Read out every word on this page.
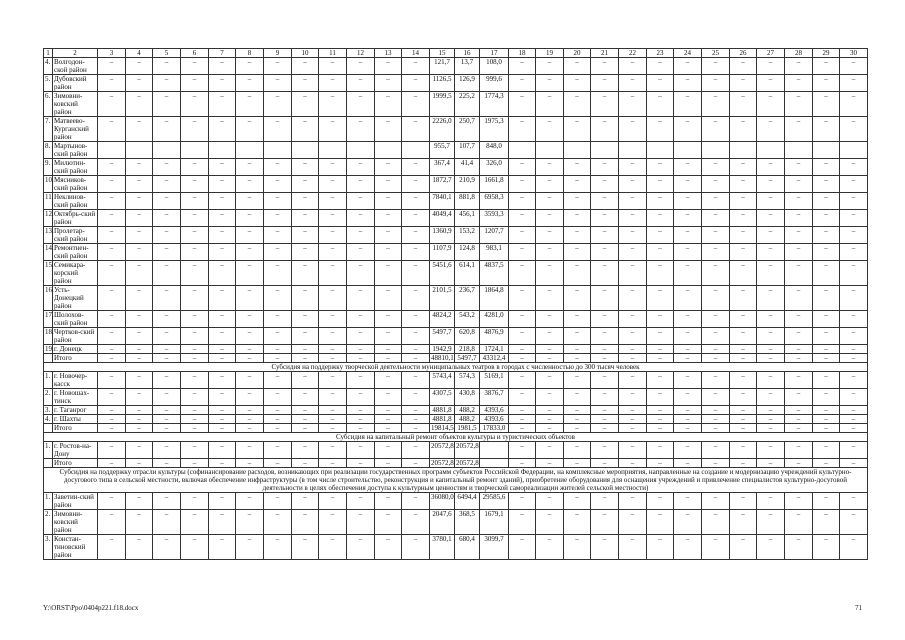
1	2	3	4	5	6	7	8	9	10	11	12	13	14	15	16	17	18	19	20	21	22	23	24	25	26	27	28	29	30
4.	Волгодон-ской район	–	–	–	–	–	–	–	–	–	–	–	–	121,7	13,7	108,0	–	–	–	–	–	–	–	–	–	–	–	–	–
5.	Дубовский район	–	–	–	–	–	–	–	–	–	–	–	–	1126,5	126,9	999,6	–	–	–	–	–	–	–	–	–	–	–	–	–
6.	Зимовни-ковский район	–	–	–	–	–	–	–	–	–	–	–	–	1999,5	225,2	1774,3	–	–	–	–	–	–	–	–	–	–	–	–	–
7.	Матвеево-Курганский район	–	–	–	–	–	–	–	–	–	–	–	–	2226,0	250,7	1975,3	–	–	–	–	–	–	–	–	–	–	–	–	–
8.	Мартынов-ский район													955,7	107,7	848,0													
9.	Милютин-ский район	–	–	–	–	–	–	–	–	–	–	–	–	367,4	41,4	326,0	–	–	–	–	–	–	–	–	–	–	–	–	–
10.	Мясников-ский район	–	–	–	–	–	–	–	–	–	–	–	–	1872,7	210,9	1661,8	–	–	–	–	–	–	–	–	–	–	–	–	–
11.	Неклинов-ский район	–	–	–	–	–	–	–	–	–	–	–	–	7840,1	881,8	6958,3	–	–	–	–	–	–	–	–	–	–	–	–	–
12.	Октябрь-ский район	–	–	–	–	–	–	–	–	–	–	–	–	4049,4	456,1	3593,3	–	–	–	–	–	–	–	–	–	–	–	–	–
13.	Пролетар-ский район	–	–	–	–	–	–	–	–	–	–	–	–	1360,9	153,2	1207,7	–	–	–	–	–	–	–	–	–	–	–	–	–
14.	Ремонтнен-ский район	–	–	–	–	–	–	–	–	–	–	–	–	1107,9	124,8	983,1	–	–	–	–	–	–	–	–	–	–	–	–	–
15.	Семикара-корский район	–	–	–	–	–	–	–	–	–	–	–	–	5451,6	614,1	4837,5	–	–	–	–	–	–	–	–	–	–	–	–	–
16.	Усть-Донецкий район	–	–	–	–	–	–	–	–	–	–	–	–	2101,5	236,7	1864,8	–	–	–	–	–	–	–	–	–	–	–	–	–
17.	Шолохов-ский район	–	–	–	–	–	–	–	–	–	–	–	–	4824,2	543,2	4281,0	–	–	–	–	–	–	–	–	–	–	–	–	–
18.	Чертков-ский район	–	–	–	–	–	–	–	–	–	–	–	–	5497,7	620,8	4876,9	–	–	–	–	–	–	–	–	–	–	–	–	–
19.	г. Донецк	–	–	–	–	–	–	–	–	–	–	–	–	1942,9	218,8	1724,1	–	–	–	–	–	–	–	–	–	–	–	–	–
	Итого	–	–	–	–	–	–	–	–	–	–	–	–	48810,1	5497,7	43312,4	–	–	–	–	–	–	–	–	–	–	–	–	–
Субсидия на поддержку творческой деятельности муниципальных театров в городах с численностью до 300 тысяч человек																													
1.	г. Новочер-касск	–	–	–	–	–	–	–	–	–	–	–	–	5743,4	574,3	5169,1	–	–	–	–	–	–	–	–	–	–	–	–	–
2.	г. Новошах-тинск	–	–	–	–	–	–	–	–	–	–	–	–	4307,5	430,8	3876,7	–	–	–	–	–	–	–	–	–	–	–	–	–
3.	г. Таганрог	–	–	–	–	–	–	–	–	–	–	–	–	4881,8	488,2	4393,6	–	–	–	–	–	–	–	–	–	–	–	–	–
4.	г. Шахты	–	–	–	–	–	–	–	–	–	–	–	–	4881,8	488,2	4393,6	–	–	–	–	–	–	–	–	–	–	–	–	–
	Итого	–	–	–	–	–	–	–	–	–	–	–	–	19814,5	1981,5	17833,0	–	–	–	–	–	–	–	–	–	–	–	–	–
Субсидия на капитальный ремонт объектов культуры и туристических объектов																													
1.	г. Ростов-на-Дону	–	–	–	–	–	–	–	–	–	–	–	–	20572,8	20572,8		–	–	–	–	–	–	–	–	–	–	–	–	–
	Итого	–	–	–	–	–	–	–	–	–	–	–	–	20572,8	20572,8		–	–	–	–	–	–	–	–	–	–	–	–	–
Субсидия на поддержку отрасли культуры (софинансирование расходов, возникающих при реализации государственных программ субъектов Российской Федерации, на комплексные мероприятия, направленные на создание и модернизацию учреждений культурно-досугового типа в сельской местности, включая обеспечение инфраструктуры (в том числе строительство, реконструкция и капитальный ремонт зданий), приобретение оборудования для оснащения учреждений и привлечение специалистов культурно-досуговой деятельности в целях обеспечения доступа к культурным ценностям и творческой самореализации жителей сельской местности)																													
1.	Заветин-ский район	–	–	–	–	–	–	–	–	–	–	–	–	36080,0	6494,4	29585,6	–	–	–	–	–	–	–	–	–	–	–	–	–
2.	Зимовни-ковский район	–	–	–	–	–	–	–	–	–	–	–	–	2047,6	368,5	1679,1	–	–	–	–	–	–	–	–	–	–	–	–	–
3.	Констан-тиновский район	–	–	–	–	–	–	–	–	–	–	–	–	3780,1	680,4	3099,7	–	–	–	–	–	–	–	–	–	–	–	–	–
Y:\ORST\Ppo\0404p221.f18.docx	71
